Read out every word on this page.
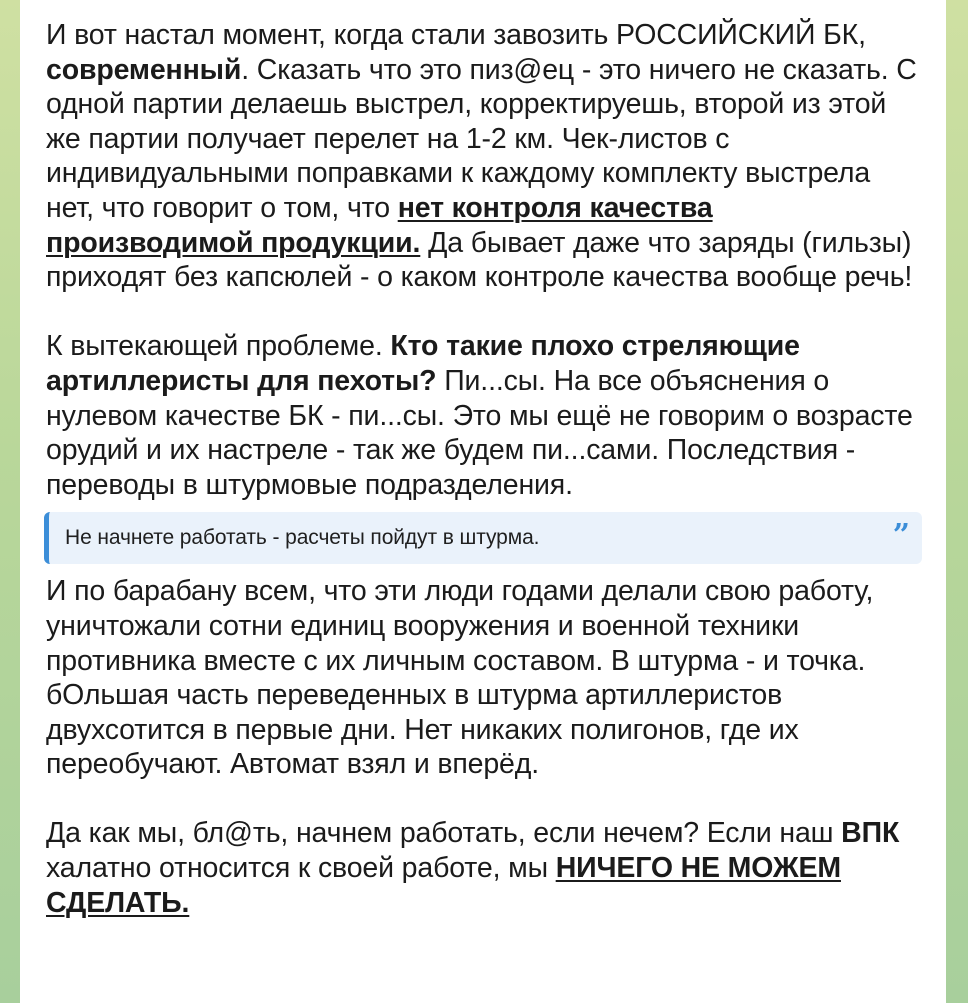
И вот настал момент, когда стали завозить РОССИЙСКИЙ БК, современный. Сказать что это пиз@ец - это ничего не сказать. С одной партии делаешь выстрел, корректируешь, второй из этой же партии получает перелет на 1-2 км. Чек-листов с индивидуальными поправками к каждому комплекту выстрела нет, что говорит о том, что нет контроля качества производимой продукции. Да бывает даже что заряды (гильзы) приходят без капсюлей - о каком контроле качества вообще речь!

К вытекающей проблеме. Кто такие плохо стреляющие артиллеристы для пехоты? Пи...сы. На все объяснения о нулевом качестве БК - пи...сы. Это мы ещё не говорим о возрасте орудий и их настреле - так же будем пи...сами. Последствия - переводы в штурмовые подразделения.

Не начнете работать - расчеты пойдут в штурма.	”

И по барабану всем, что эти люди годами делали свою работу, уничтожали сотни единиц вооружения и военной техники противника вместе с их личным составом. В штурма - и точка. бОльшая часть переведенных в штурма артиллеристов двухсотится в первые дни. Нет никаких полигонов, где их переобучают. Автомат взял и вперёд.

Да как мы, бл@ть, начнем работать, если нечем? Если наш ВПК халатно относится к своей работе, мы НИЧЕГО НЕ МОЖЕМ СДЕЛАТЬ.
